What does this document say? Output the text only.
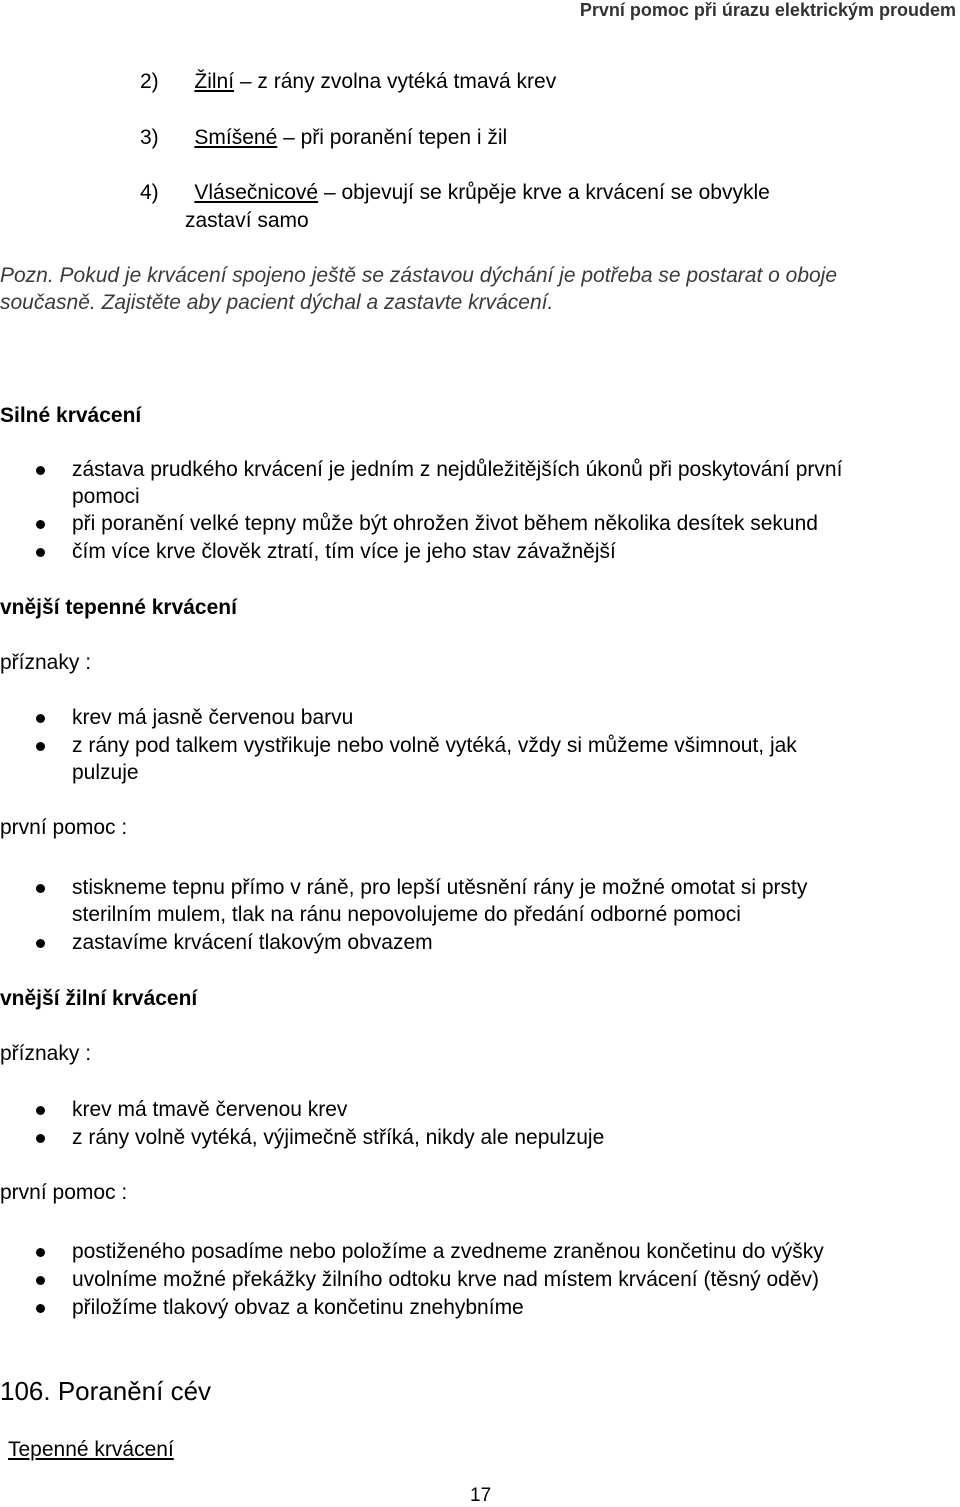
První pomoc při úrazu elektrickým proudem
2) Žilní – z rány zvolna vytéká tmavá krev
3) Smíšené – při poranění tepen i žil
4) Vlásečnicové – objevují se krůpěje krve a krvácení se obvykle
zastaví samo
Pozn. Pokud je krvácení spojeno ještě se zástavou dýchání je potřeba se postarat o oboje
současně. Zajistěte aby pacient dýchal a zastavte krvácení.
Silné krvácení
zástava prudkého krvácení je jedním z nejdůležitějších úkonů při poskytování první
pomoci
při poranění velké tepny může být ohrožen život během několika desítek sekund
čím více krve člověk ztratí, tím více je jeho stav závažnější
vnější tepenné krvácení
příznaky :
krev má jasně červenou barvu
z rány pod talkem vystřikuje nebo volně vytéká, vždy si můžeme všimnout, jak
pulzuje
první pomoc :
stiskneme tepnu přímo v ráně, pro lepší utěsnění rány je možné omotat si prsty
sterilním mulem, tlak na ránu nepovolujeme do předání odborné pomoci
zastavíme krvácení tlakovým obvazem
vnější žilní krvácení
příznaky :
krev má tmavě červenou krev
z rány volně vytéká, výjimečně stříká, nikdy ale nepulzuje
první pomoc :
postiženého posadíme nebo položíme a zvedneme zraněnou končetinu do výšky
uvolníme možné překážky žilního odtoku krve nad místem krvácení (těsný oděv)
přiložíme tlakový obvaz a končetinu znehybníme
106. Poranění cév
Tepenné krvácení
17
